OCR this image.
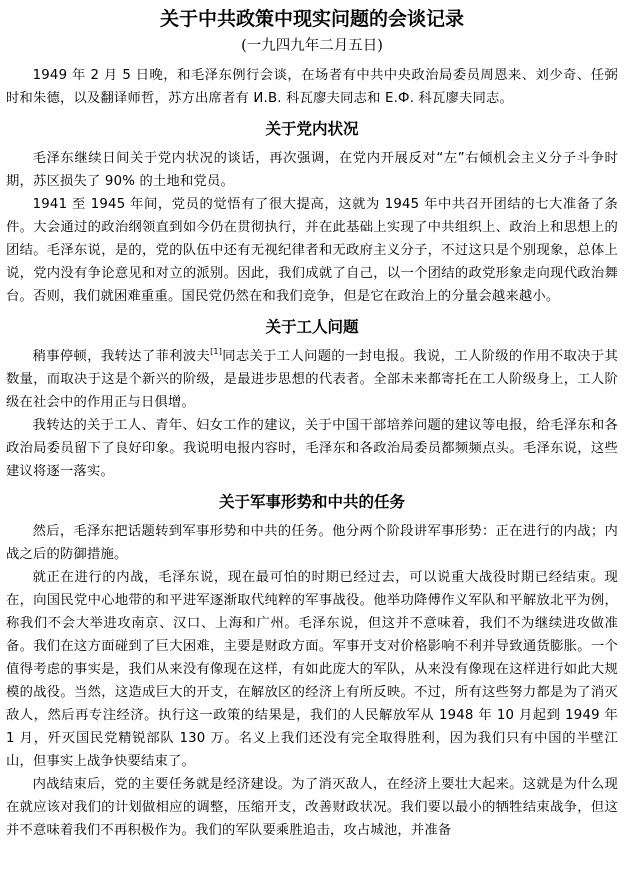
关于中共政策中现实问题的会谈记录
(一九四九年二月五日)

1949 年 2 月 5 日晚，和毛泽东例行会谈，在场者有中共中央政治局委员周恩来、刘少奇、任弼时和朱德，以及翻译师哲，苏方出席者有 И.В. 科瓦廖夫同志和 Е.Ф. 科瓦廖夫同志。

关于党内状况

毛泽东继续日间关于党内状况的谈话，再次强调，在党内开展反对“左”右倾机会主义分子斗争时期，苏区损失了 90% 的土地和党员。

1941 至 1945 年间，党员的觉悟有了很大提高，这就为 1945 年中共召开团结的七大准备了条件。大会通过的政治纲领直到如今仍在贯彻执行，并在此基础上实现了中共组织上、政治上和思想上的团结。毛泽东说，是的，党的队伍中还有无视纪律者和无政府主义分子，不过这只是个别现象，总体上说，党内没有争论意见和对立的派别。因此，我们成就了自己，以一个团结的政党形象走向现代政治舞台。否则，我们就困难重重。国民党仍然在和我们竞争，但是它在政治上的分量会越来越小。

关于工人问题

稍事停顿，我转达了菲利波夫[1]同志关于工人问题的一封电报。我说，工人阶级的作用不取决于其数量，而取决于这是个新兴的阶级，是最进步思想的代表者。全部未来都寄托在工人阶级身上，工人阶级在社会中的作用正与日俱增。

我转达的关于工人、青年、妇女工作的建议，关于中国干部培养问题的建议等电报，给毛泽东和各政治局委员留下了良好印象。我说明电报内容时，毛泽东和各政治局委员都频频点头。毛泽东说，这些建议将逐一落实。

关于军事形势和中共的任务

然后，毛泽东把话题转到军事形势和中共的任务。他分两个阶段讲军事形势：正在进行的内战；内战之后的防御措施。

就正在进行的内战，毛泽东说，现在最可怕的时期已经过去，可以说重大战役时期已经结束。现在，向国民党中心地带的和平进军逐渐取代纯粹的军事战役。他举功降傅作义军队和平解放北平为例，称我们不会大举进攻南京、汉口、上海和广州。毛泽东说，但这并不意味着，我们不为继续进攻做准备。我们在这方面碰到了巨大困难，主要是财政方面。军事开支对价格影响不利并导致通货膨胀。一个值得考虑的事实是，我们从来没有像现在这样，有如此庞大的军队，从来没有像现在这样进行如此大规模的战役。当然，这造成巨大的开支，在解放区的经济上有所反映。不过，所有这些努力都是为了消灭敌人，然后再专注经济。执行这一政策的结果是，我们的人民解放军从 1948 年 10 月起到 1949 年 1 月，歼灭国民党精锐部队 130 万。名义上我们还没有完全取得胜利，因为我们只有中国的半壁江山，但事实上战争快要结束了。

内战结束后，党的主要任务就是经济建设。为了消灭敌人，在经济上要壮大起来。这就是为什么现在就应该对我们的计划做相应的调整，压缩开支，改善财政状况。我们要以最小的牺牲结束战争，但这并不意味着我们不再积极作为。我们的军队要乘胜追击，攻占城池，并准备
